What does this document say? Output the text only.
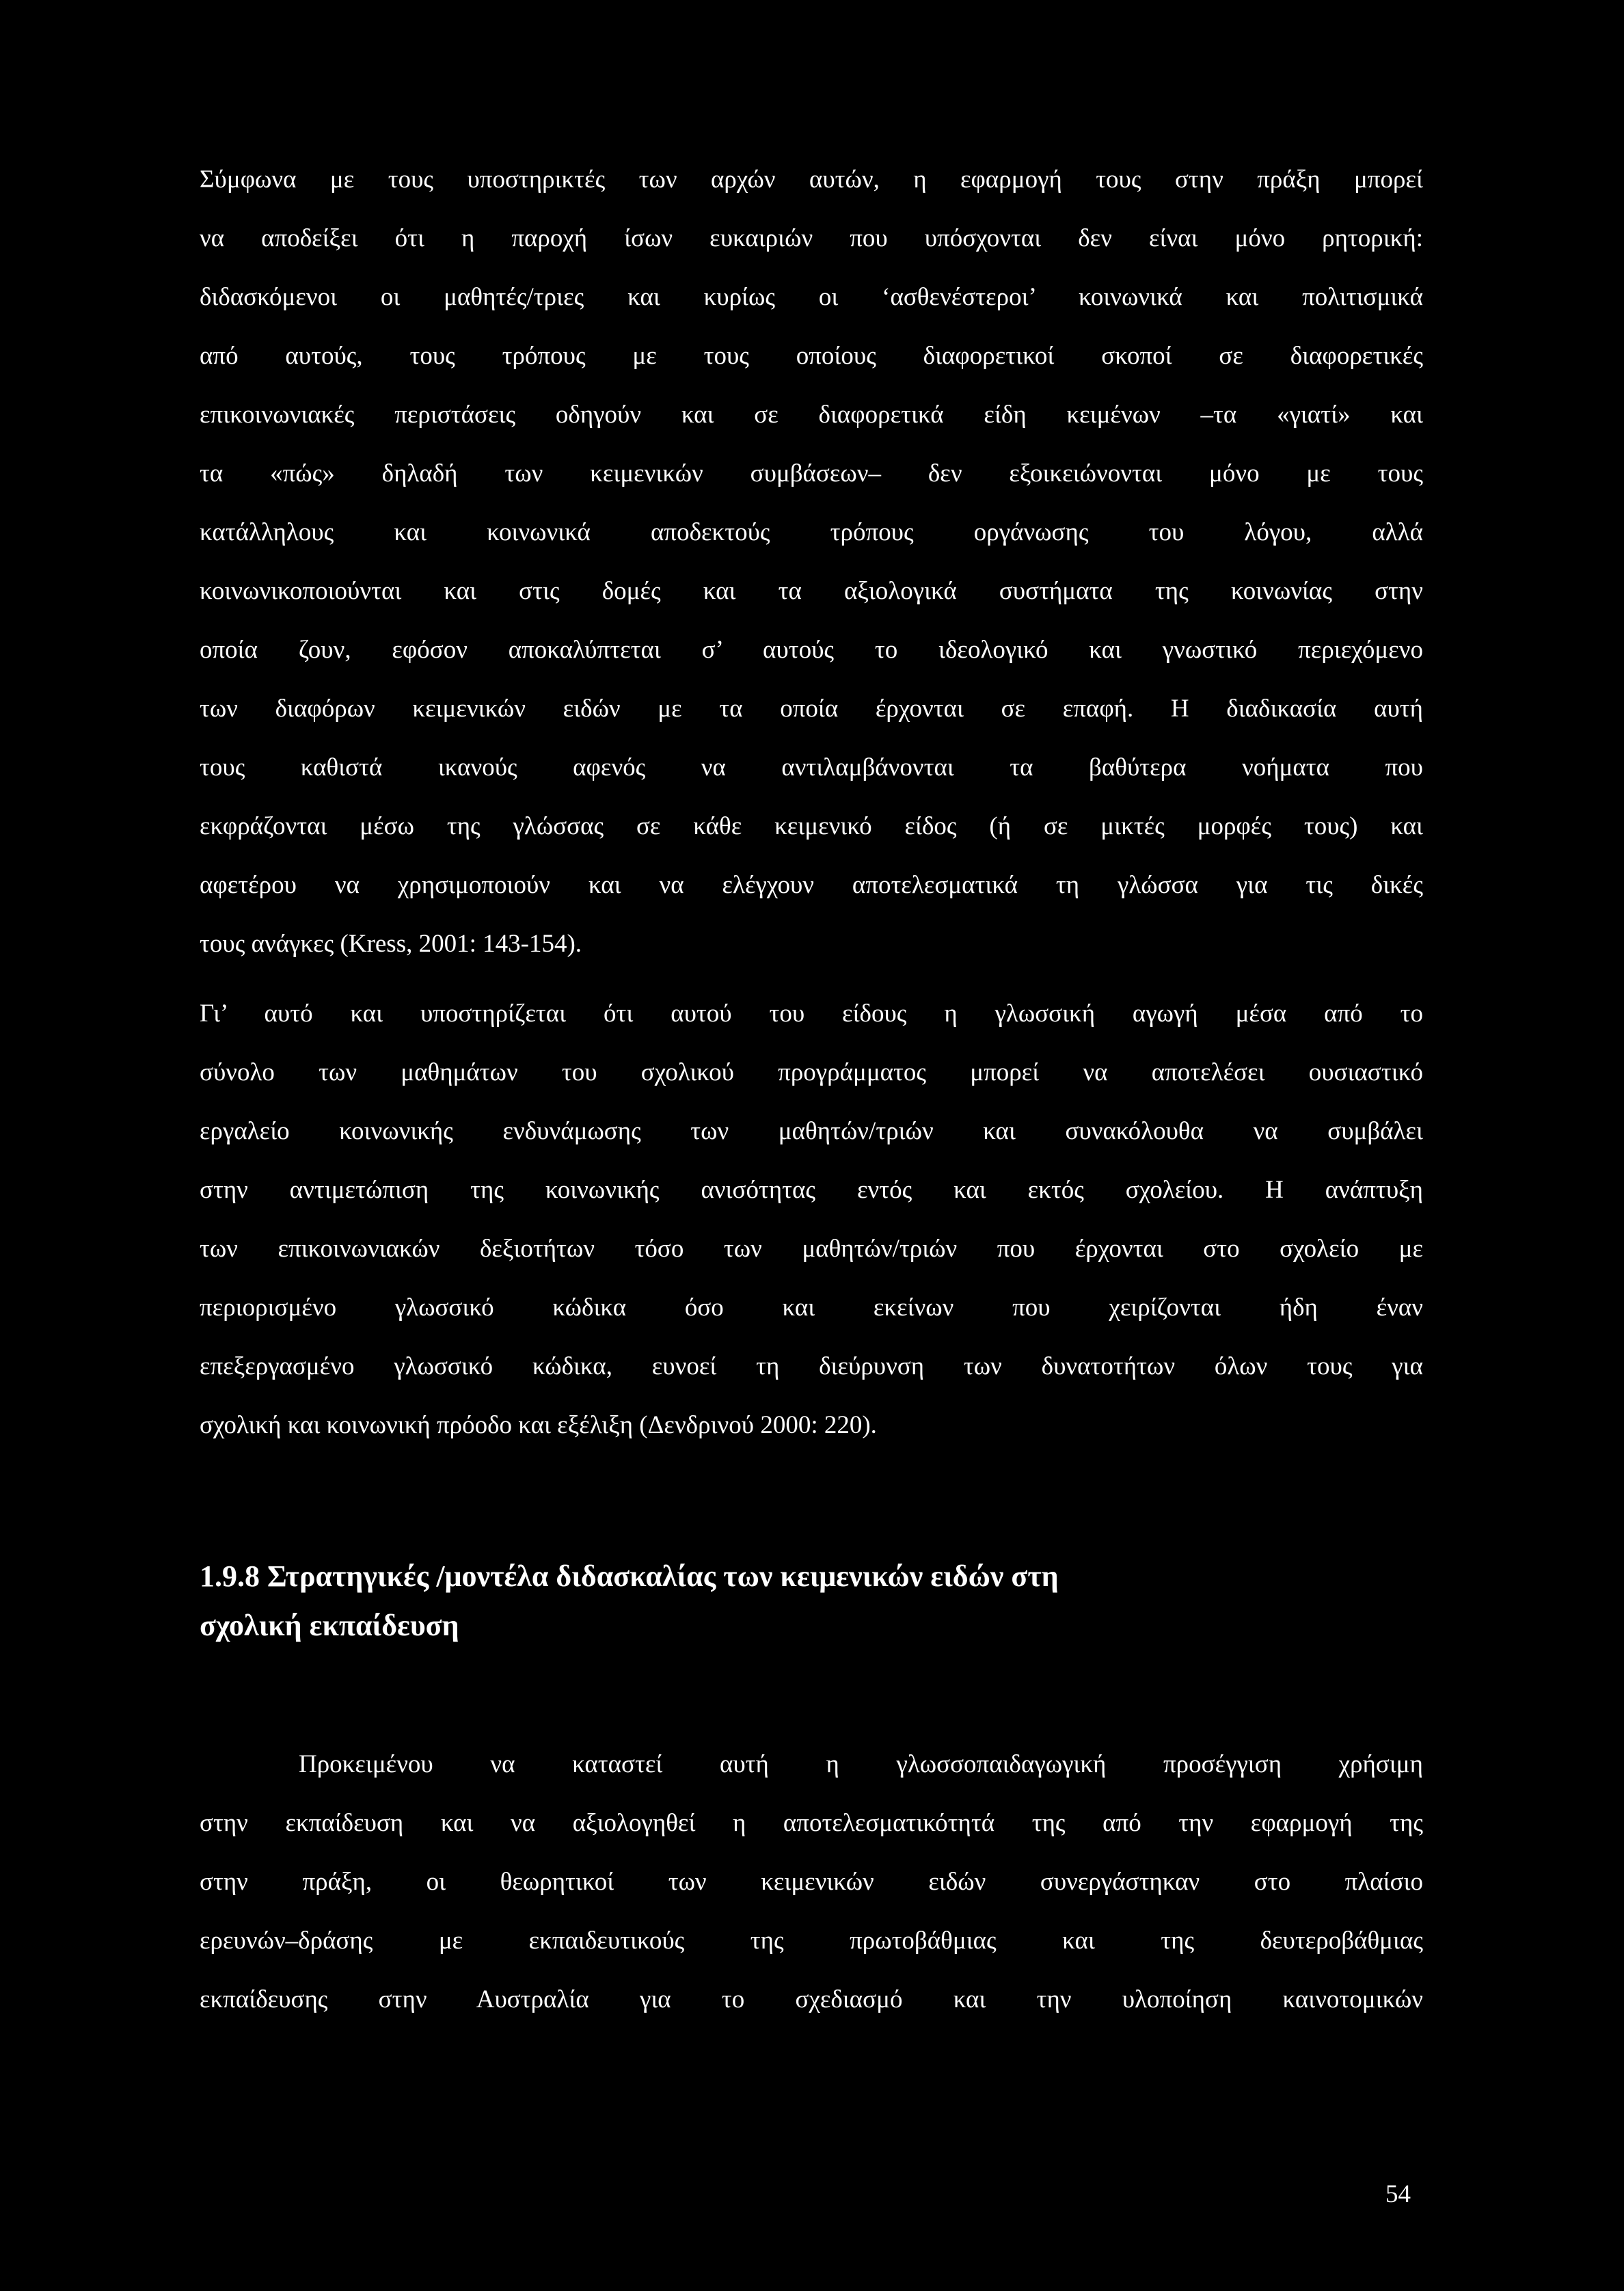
Σύμφωνα με τους υποστηρικτές των αρχών αυτών, η εφαρμογή τους στην πράξη μπορεί
να αποδείξει ότι η παροχή ίσων ευκαιριών που υπόσχονται δεν είναι μόνο ρητορική:
διδασκόμενοι οι μαθητές/τριες και κυρίως οι ‘ασθενέστεροι’ κοινωνικά και πολιτισμικά
από αυτούς, τους τρόπους με τους οποίους διαφορετικοί σκοποί σε διαφορετικές
επικοινωνιακές περιστάσεις οδηγούν και σε διαφορετικά είδη κειμένων –τα «γιατί» και
τα «πώς» δηλαδή των κειμενικών συμβάσεων– δεν εξοικειώνονται μόνο με τους
κατάλληλους και κοινωνικά αποδεκτούς τρόπους οργάνωσης του λόγου, αλλά
κοινωνικοποιούνται και στις δομές και τα αξιολογικά συστήματα της κοινωνίας στην
οποία ζουν, εφόσον αποκαλύπτεται σ’ αυτούς το ιδεολογικό και γνωστικό περιεχόμενο
των διαφόρων κειμενικών ειδών με τα οποία έρχονται σε επαφή. Η διαδικασία αυτή
τους καθιστά ικανούς αφενός να αντιλαμβάνονται τα βαθύτερα νοήματα που
εκφράζονται μέσω της γλώσσας σε κάθε κειμενικό είδος (ή σε μικτές μορφές τους) και
αφετέρου να χρησιμοποιούν και να ελέγχουν αποτελεσματικά τη γλώσσα για τις δικές
τους ανάγκες (Kress, 2001: 143-154).
Γι’ αυτό και υποστηρίζεται ότι αυτού του είδους η γλωσσική αγωγή μέσα από το
σύνολο των μαθημάτων του σχολικού προγράμματος μπορεί να αποτελέσει ουσιαστικό
εργαλείο κοινωνικής ενδυνάμωσης των μαθητών/τριών και συνακόλουθα να συμβάλει
στην αντιμετώπιση της κοινωνικής ανισότητας εντός και εκτός σχολείου. Η ανάπτυξη
των επικοινωνιακών δεξιοτήτων τόσο των μαθητών/τριών που έρχονται στο σχολείο με
περιορισμένο γλωσσικό κώδικα όσο και εκείνων που χειρίζονται ήδη έναν
επεξεργασμένο γλωσσικό κώδικα, ευνοεί τη διεύρυνση των δυνατοτήτων όλων τους για
σχολική και κοινωνική πρόοδο και εξέλιξη (Δενδρινού 2000: 220).
1.9.8 Στρατηγικές /μοντέλα διδασκαλίας των κειμενικών ειδών στη
σχολική εκπαίδευση
Προκειμένου να καταστεί αυτή η γλωσσοπαιδαγωγική προσέγγιση χρήσιμη
στην εκπαίδευση και να αξιολογηθεί η αποτελεσματικότητά της από την εφαρμογή της
στην πράξη, οι θεωρητικοί των κειμενικών ειδών συνεργάστηκαν στο πλαίσιο
ερευνών–δράσης με εκπαιδευτικούς της πρωτοβάθμιας και της δευτεροβάθμιας
εκπαίδευσης στην Αυστραλία για το σχεδιασμό και την υλοποίηση καινοτομικών
54
